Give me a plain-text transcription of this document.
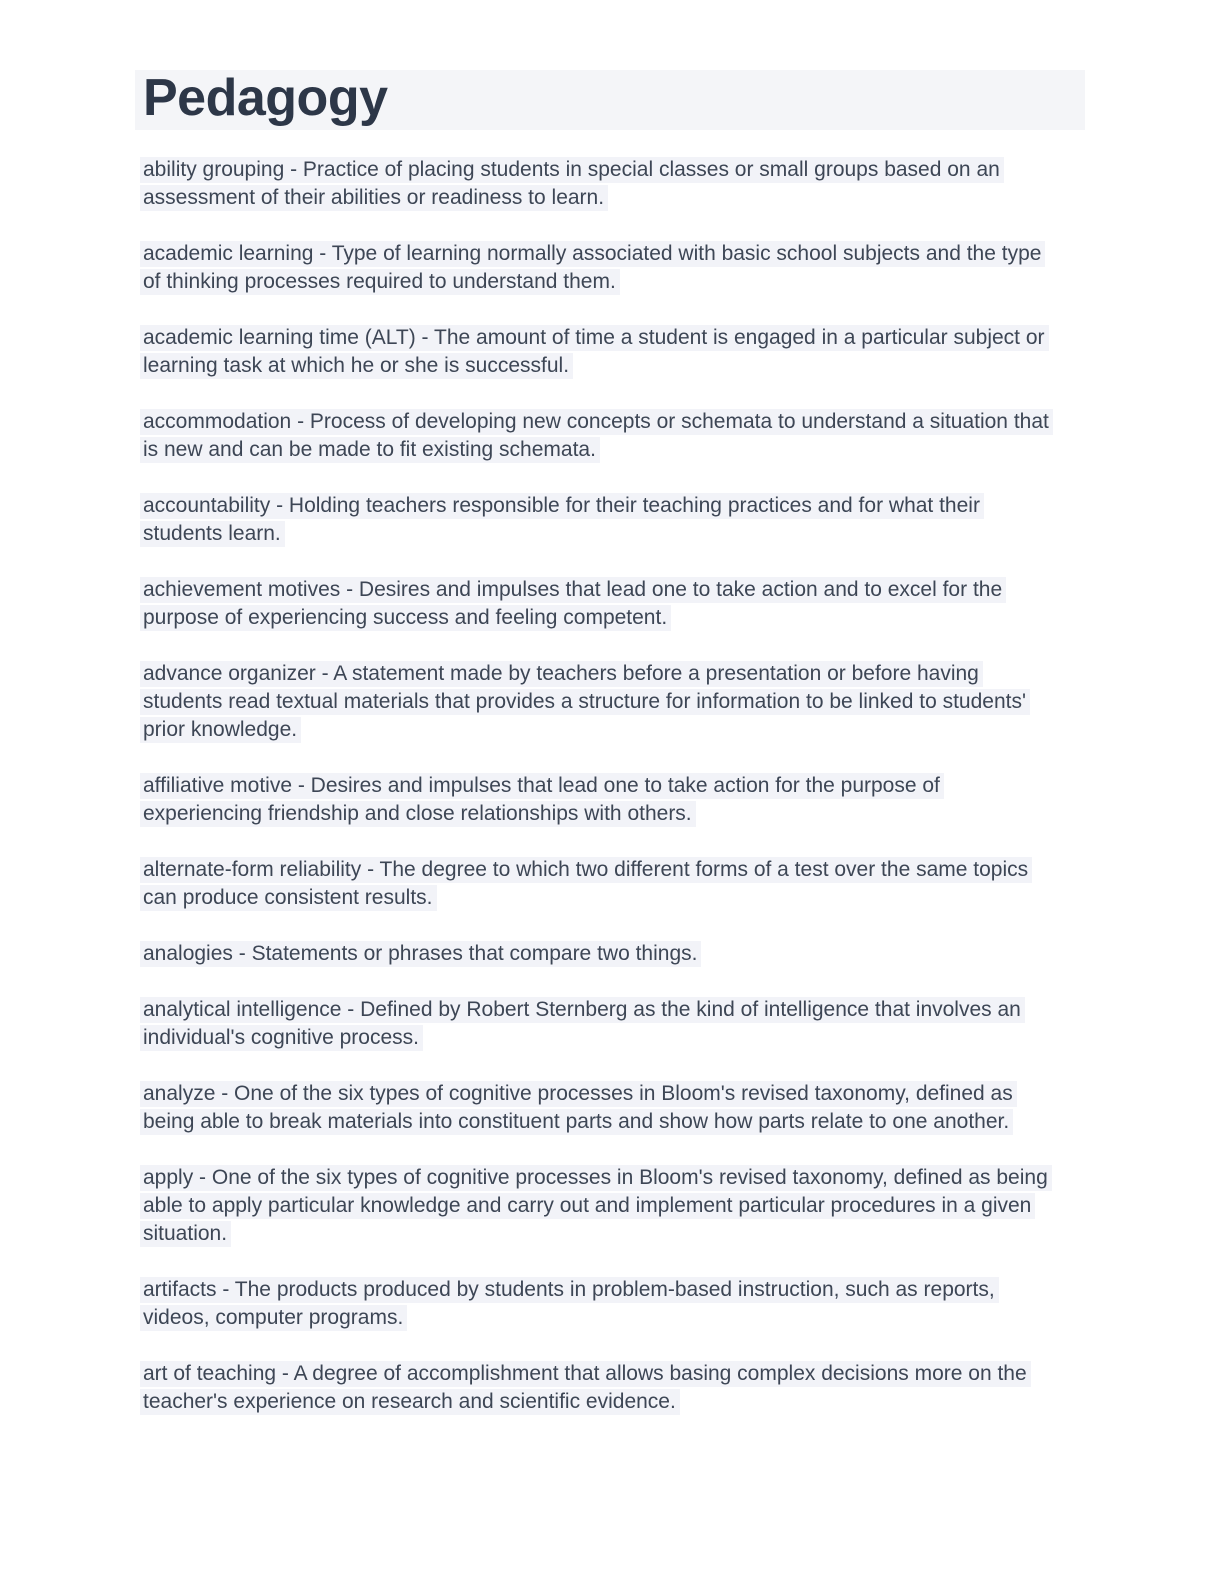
Pedagogy

ability grouping - Practice of placing students in special classes or small groups based on an assessment of their abilities or readiness to learn.

academic learning - Type of learning normally associated with basic school subjects and the type of thinking processes required to understand them.

academic learning time (ALT) - The amount of time a student is engaged in a particular subject or learning task at which he or she is successful.

accommodation - Process of developing new concepts or schemata to understand a situation that is new and can be made to fit existing schemata.

accountability - Holding teachers responsible for their teaching practices and for what their students learn.

achievement motives - Desires and impulses that lead one to take action and to excel for the purpose of experiencing success and feeling competent.

advance organizer - A statement made by teachers before a presentation or before having students read textual materials that provides a structure for information to be linked to students' prior knowledge.

affiliative motive - Desires and impulses that lead one to take action for the purpose of experiencing friendship and close relationships with others.

alternate-form reliability - The degree to which two different forms of a test over the same topics can produce consistent results.

analogies - Statements or phrases that compare two things.

analytical intelligence - Defined by Robert Sternberg as the kind of intelligence that involves an individual's cognitive process.

analyze - One of the six types of cognitive processes in Bloom's revised taxonomy, defined as being able to break materials into constituent parts and show how parts relate to one another.

apply - One of the six types of cognitive processes in Bloom's revised taxonomy, defined as being able to apply particular knowledge and carry out and implement particular procedures in a given situation.

artifacts - The products produced by students in problem-based instruction, such as reports, videos, computer programs.

art of teaching - A degree of accomplishment that allows basing complex decisions more on the teacher's experience on research and scientific evidence.
